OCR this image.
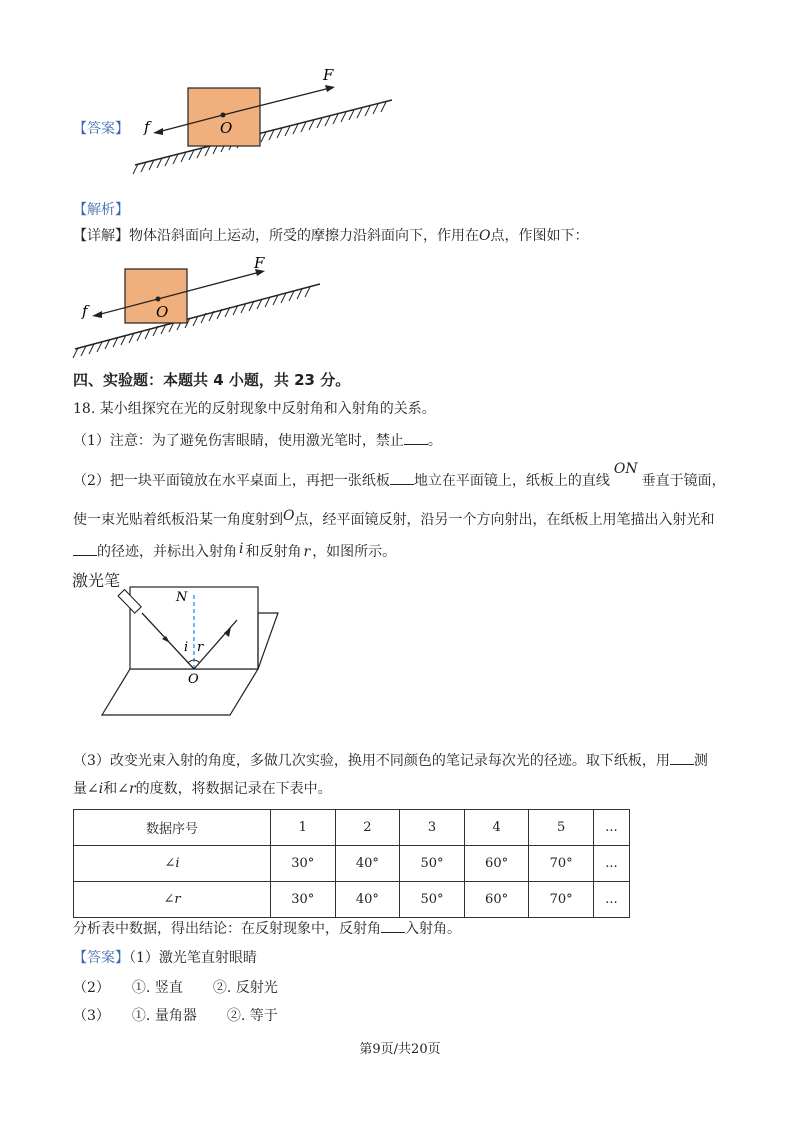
【答案】
F
f	O
【解析】
【详解】物体沿斜面向上运动，所受的摩擦力沿斜面向下，作用在O点，作图如下：
F
f	O
四、实验题：本题共 4 小题，共 23 分。
18. 某小组探究在光的反射现象中反射角和入射角的关系。
（1）注意：为了避免伤害眼睛，使用激光笔时，禁止 。
（2）把一块平面镜放在水平桌面上，再把一张纸板 地立在平面镜上，纸板上的直线ON垂直于镜面，
使一束光贴着纸板沿某一角度射到O点，经平面镜反射，沿另一个方向射出，在纸板上用笔描出入射光和
的径迹，并标出入射角 i 和反射角 r ，如图所示。
激光笔
N
i r
O
（3）改变光束入射的角度，多做几次实验，换用不同颜色的笔记录每次光的径迹。取下纸板，用 测
量∠i和∠r的度数，将数据记录在下表中。
数据序号	1	2	3	4	5	...
∠i	30°	40°	50°	60°	70°	...
∠r	30°	40°	50°	60°	70°	...
分析表中数据，得出结论：在反射现象中，反射角 入射角。
【答案】（1）激光笔直射眼睛
（2） ①. 竖直 ②. 反射光
（3） ①. 量角器 ②. 等于
第9页/共20页
